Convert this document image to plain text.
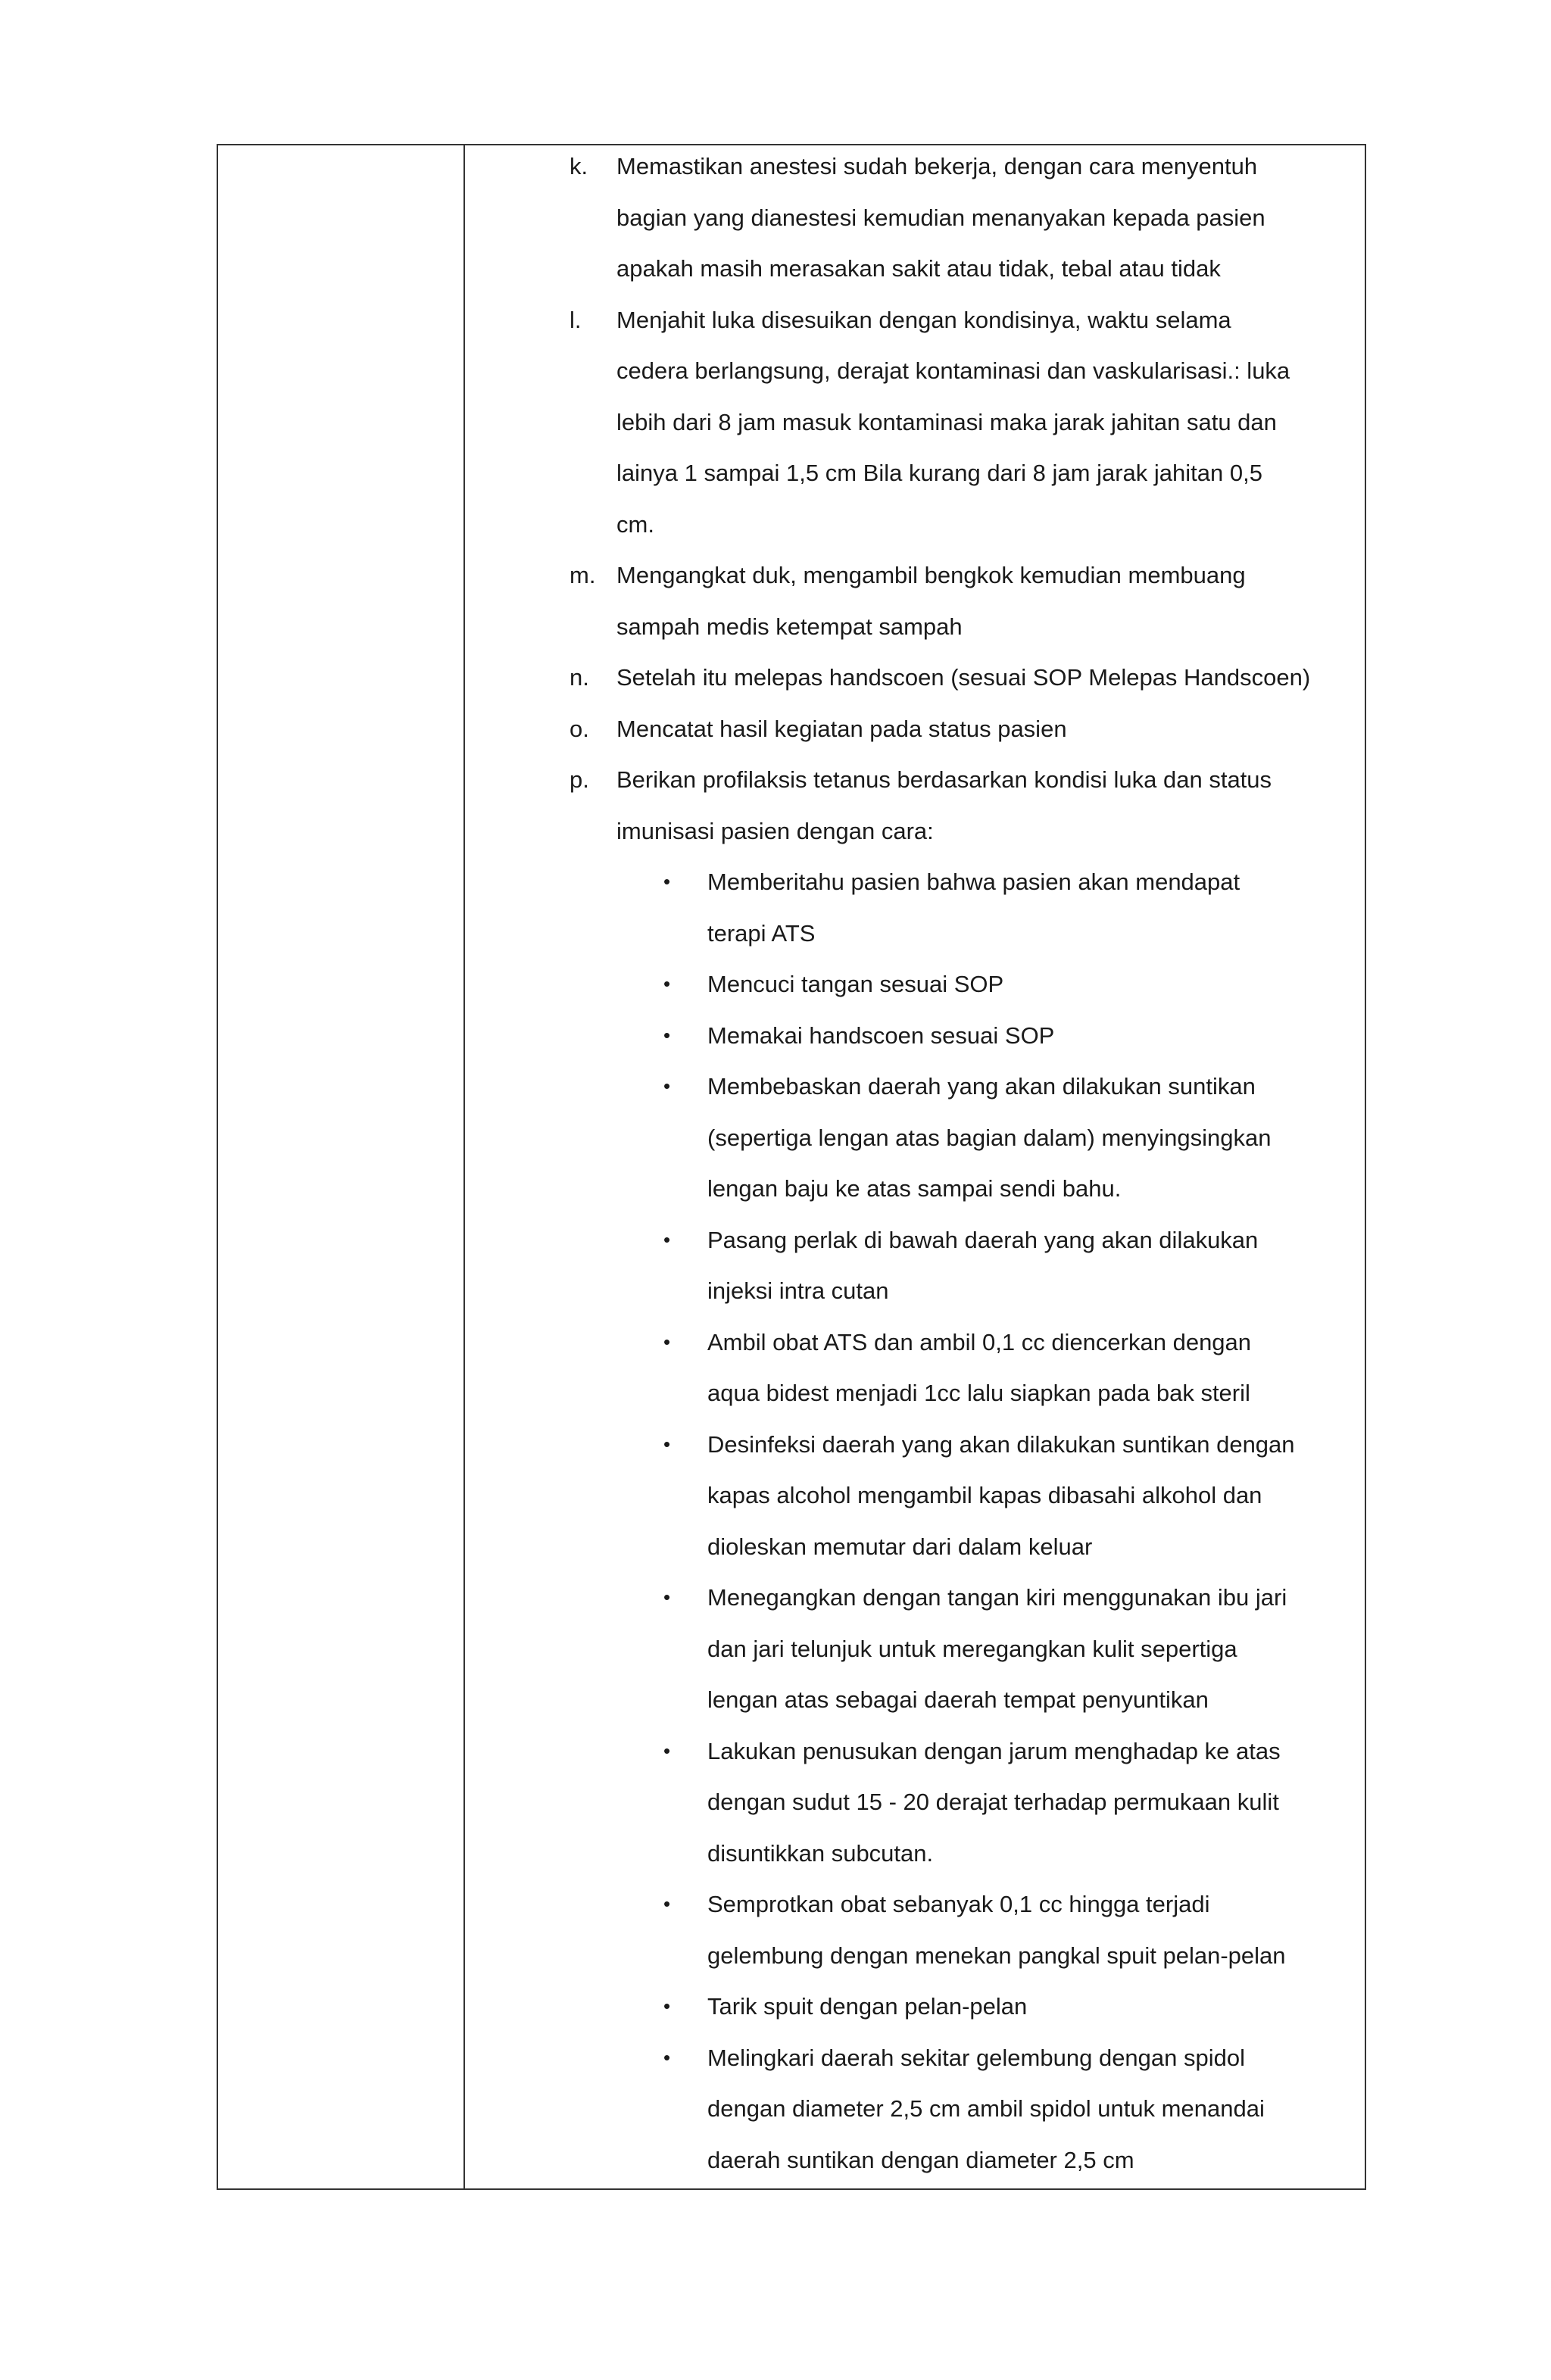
k. Memastikan anestesi sudah bekerja, dengan cara menyentuh
bagian yang dianestesi kemudian menanyakan kepada pasien
apakah masih merasakan sakit atau tidak, tebal atau tidak
l. Menjahit luka disesuikan dengan kondisinya, waktu selama
cedera berlangsung, derajat kontaminasi dan vaskularisasi.: luka
lebih dari 8 jam masuk kontaminasi maka jarak jahitan satu dan
lainya 1 sampai 1,5 cm Bila kurang dari 8 jam jarak jahitan 0,5
cm.
m. Mengangkat duk, mengambil bengkok kemudian membuang
sampah medis ketempat sampah
n. Setelah itu melepas handscoen (sesuai SOP Melepas Handscoen)
o. Mencatat hasil kegiatan pada status pasien
p. Berikan profilaksis tetanus berdasarkan kondisi luka dan status
imunisasi pasien dengan cara:
• Memberitahu pasien bahwa pasien akan mendapat
terapi ATS
• Mencuci tangan sesuai SOP
• Memakai handscoen sesuai SOP
• Membebaskan daerah yang akan dilakukan suntikan
(sepertiga lengan atas bagian dalam) menyingsingkan
lengan baju ke atas sampai sendi bahu.
• Pasang perlak di bawah daerah yang akan dilakukan
injeksi intra cutan
• Ambil obat ATS dan ambil 0,1 cc diencerkan dengan
aqua bidest menjadi 1cc lalu siapkan pada bak steril
• Desinfeksi daerah yang akan dilakukan suntikan dengan
kapas alcohol mengambil kapas dibasahi alkohol dan
dioleskan memutar dari dalam keluar
• Menegangkan dengan tangan kiri menggunakan ibu jari
dan jari telunjuk untuk meregangkan kulit sepertiga
lengan atas sebagai daerah tempat penyuntikan
• Lakukan penusukan dengan jarum menghadap ke atas
dengan sudut 15 - 20 derajat terhadap permukaan kulit
disuntikkan subcutan.
• Semprotkan obat sebanyak 0,1 cc hingga terjadi
gelembung dengan menekan pangkal spuit pelan-pelan
• Tarik spuit dengan pelan-pelan
• Melingkari daerah sekitar gelembung dengan spidol
dengan diameter 2,5 cm ambil spidol untuk menandai
daerah suntikan dengan diameter 2,5 cm
